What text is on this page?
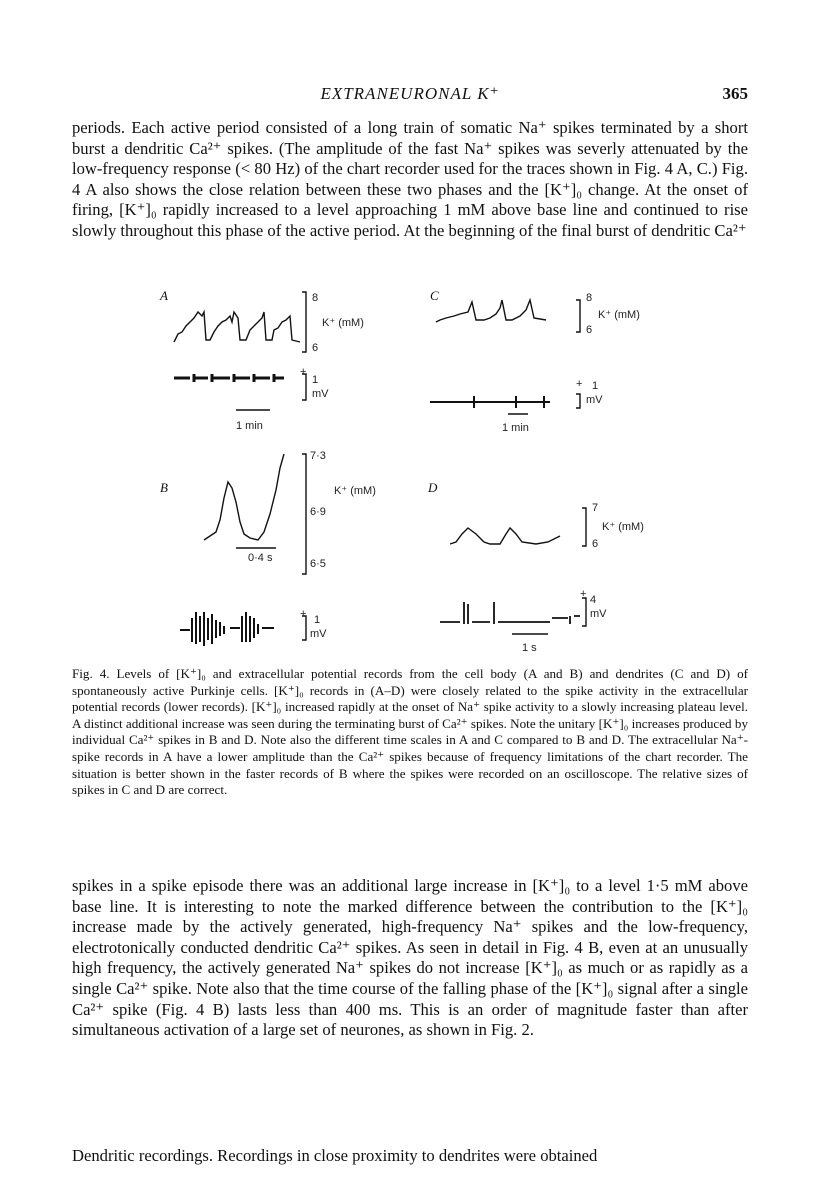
EXTRANEURONAL K⁺	365
periods. Each active period consisted of a long train of somatic Na⁺ spikes terminated by a short burst a dendritic Ca²⁺ spikes. (The amplitude of the fast Na⁺ spikes was severly attenuated by the low-frequency response (< 80 Hz) of the chart recorder used for the traces shown in Fig. 4 A, C.) Fig. 4 A also shows the close relation between these two phases and the [K⁺]₀ change. At the onset of firing, [K⁺]₀ rapidly increased to a level approaching 1 mM above base line and continued to rise slowly throughout this phase of the active period. At the beginning of the final burst of dendritic Ca²⁺
A	8
K⁺ (mM)
6
+
1
mV
1 min
C	8
K⁺ (mM)
6
+ 1
mV
1 min
B
7·3
K⁺ (mM)
6·9
6·5
0·4 s
+ 1
mV
D
7
K⁺ (mM)
6
+ 4
mV
1 s
Fig. 4. Levels of [K⁺]₀ and extracellular potential records from the cell body (A and B) and dendrites (C and D) of spontaneously active Purkinje cells. [K⁺]₀ records in (A–D) were closely related to the spike activity in the extracellular potential records (lower records). [K⁺]₀ increased rapidly at the onset of Na⁺ spike activity to a slowly increasing plateau level. A distinct additional increase was seen during the terminating burst of Ca²⁺ spikes. Note the unitary [K⁺]₀ increases produced by individual Ca²⁺ spikes in B and D. Note also the different time scales in A and C compared to B and D. The extracellular Na⁺-spike records in A have a lower amplitude than the Ca²⁺ spikes because of frequency limitations of the chart recorder. The situation is better shown in the faster records of B where the spikes were recorded on an oscilloscope. The relative sizes of spikes in C and D are correct.
spikes in a spike episode there was an additional large increase in [K⁺]₀ to a level 1·5 mM above base line. It is interesting to note the marked difference between the contribution to the [K⁺]₀ increase made by the actively generated, high-frequency Na⁺ spikes and the low-frequency, electrotonically conducted dendritic Ca²⁺ spikes. As seen in detail in Fig. 4 B, even at an unusually high frequency, the actively generated Na⁺ spikes do not increase [K⁺]₀ as much or as rapidly as a single Ca²⁺ spike. Note also that the time course of the falling phase of the [K⁺]₀ signal after a single Ca²⁺ spike (Fig. 4 B) lasts less than 400 ms. This is an order of magnitude faster than after simultaneous activation of a large set of neurones, as shown in Fig. 2.
Dendritic recordings. Recordings in close proximity to dendrites were obtained
